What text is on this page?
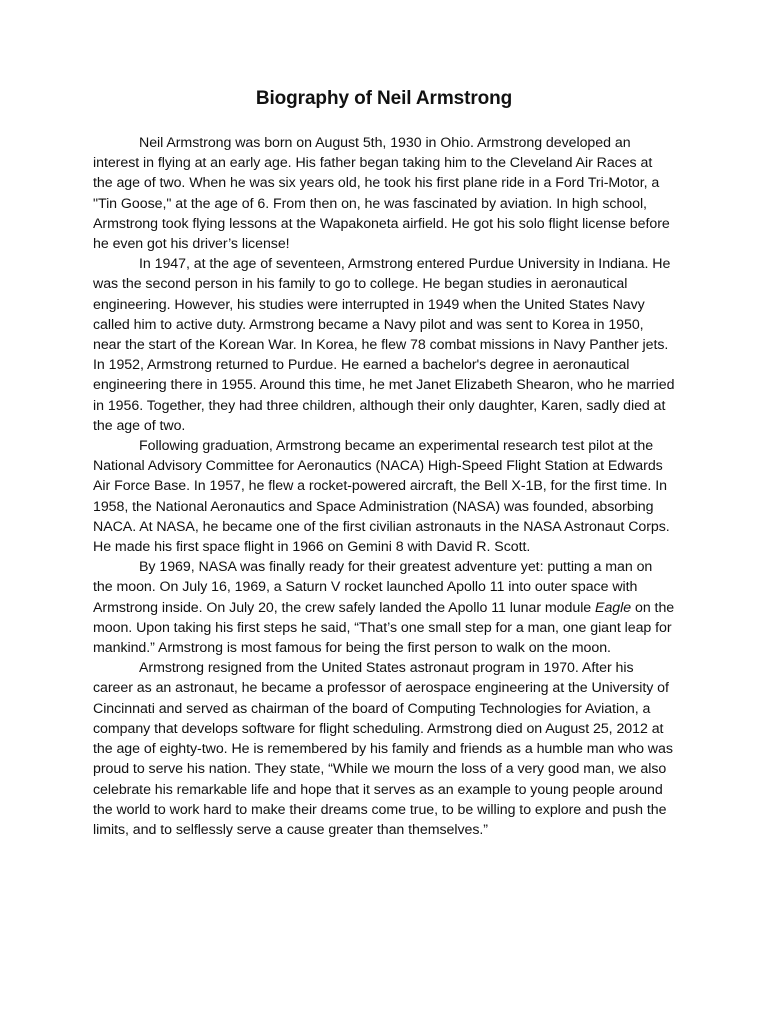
Biography of Neil Armstrong

Neil Armstrong was born on August 5th, 1930 in Ohio. Armstrong developed an interest in flying at an early age. His father began taking him to the Cleveland Air Races at the age of two. When he was six years old, he took his first plane ride in a Ford Tri-Motor, a "Tin Goose," at the age of 6. From then on, he was fascinated by aviation. In high school, Armstrong took flying lessons at the Wapakoneta airfield. He got his solo flight license before he even got his driver’s license!

In 1947, at the age of seventeen, Armstrong entered Purdue University in Indiana. He was the second person in his family to go to college. He began studies in aeronautical engineering. However, his studies were interrupted in 1949 when the United States Navy called him to active duty. Armstrong became a Navy pilot and was sent to Korea in 1950, near the start of the Korean War. In Korea, he flew 78 combat missions in Navy Panther jets. In 1952, Armstrong returned to Purdue. He earned a bachelor's degree in aeronautical engineering there in 1955. Around this time, he met Janet Elizabeth Shearon, who he married in 1956. Together, they had three children, although their only daughter, Karen, sadly died at the age of two.

Following graduation, Armstrong became an experimental research test pilot at the National Advisory Committee for Aeronautics (NACA) High-Speed Flight Station at Edwards Air Force Base. In 1957, he flew a rocket-powered aircraft, the Bell X-1B, for the first time. In 1958, the National Aeronautics and Space Administration (NASA) was founded, absorbing NACA. At NASA, he became one of the first civilian astronauts in the NASA Astronaut Corps. He made his first space flight in 1966 on Gemini 8 with David R. Scott.

By 1969, NASA was finally ready for their greatest adventure yet: putting a man on the moon. On July 16, 1969, a Saturn V rocket launched Apollo 11 into outer space with Armstrong inside. On July 20, the crew safely landed the Apollo 11 lunar module Eagle on the moon. Upon taking his first steps he said, “That’s one small step for a man, one giant leap for mankind.” Armstrong is most famous for being the first person to walk on the moon.

Armstrong resigned from the United States astronaut program in 1970. After his career as an astronaut, he became a professor of aerospace engineering at the University of Cincinnati and served as chairman of the board of Computing Technologies for Aviation, a company that develops software for flight scheduling. Armstrong died on August 25, 2012 at the age of eighty-two. He is remembered by his family and friends as a humble man who was proud to serve his nation. They state, “While we mourn the loss of a very good man, we also celebrate his remarkable life and hope that it serves as an example to young people around the world to work hard to make their dreams come true, to be willing to explore and push the limits, and to selflessly serve a cause greater than themselves.”
